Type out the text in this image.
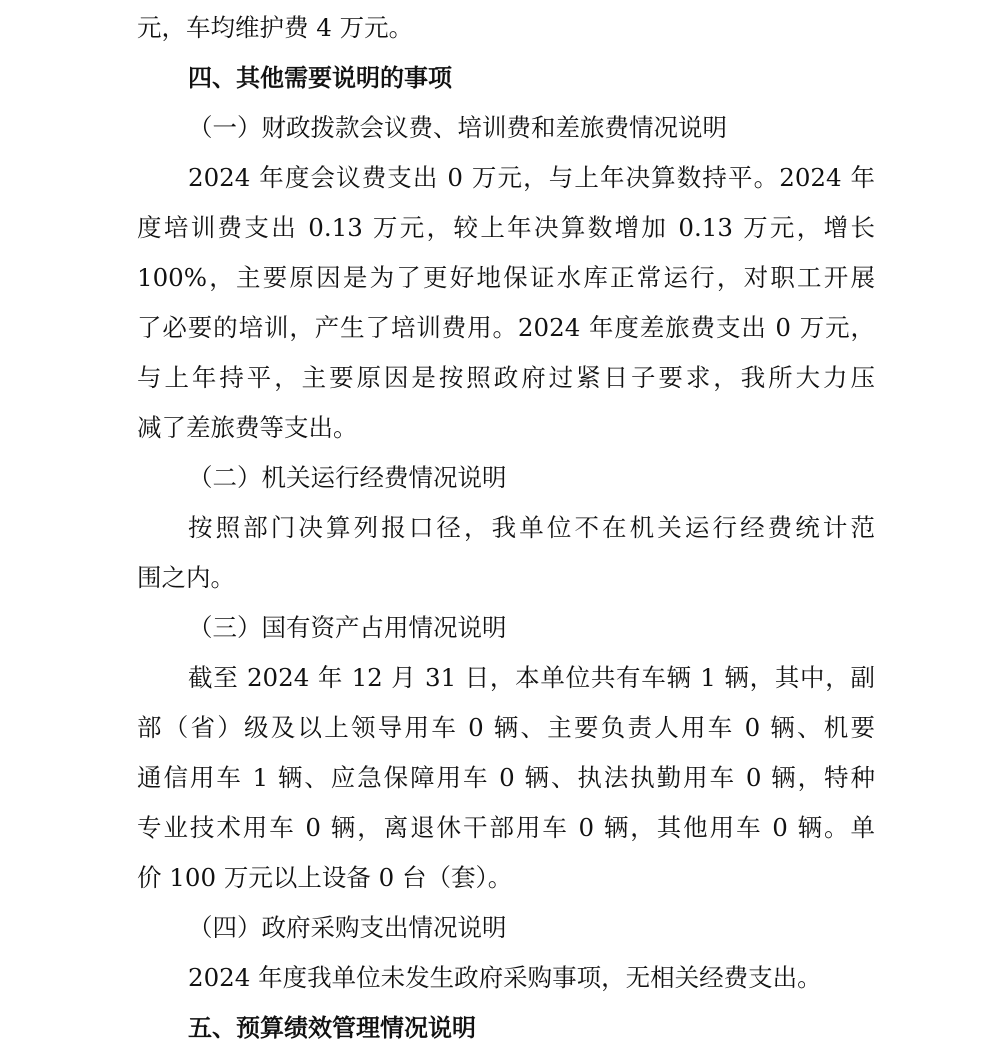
元，车均维护费 4 万元。
四、其他需要说明的事项
（一）财政拨款会议费、培训费和差旅费情况说明
2024 年度会议费支出 0 万元，与上年决算数持平。2024 年
度培训费支出 0.13 万元，较上年决算数增加 0.13 万元，增长
100%，主要原因是为了更好地保证水库正常运行，对职工开展
了必要的培训，产生了培训费用。2024 年度差旅费支出 0 万元，
与上年持平，主要原因是按照政府过紧日子要求，我所大力压
减了差旅费等支出。
（二）机关运行经费情况说明
按照部门决算列报口径，我单位不在机关运行经费统计范
围之内。
（三）国有资产占用情况说明
截至 2024 年 12 月 31 日，本单位共有车辆 1 辆，其中，副
部（省）级及以上领导用车 0 辆、主要负责人用车 0 辆、机要
通信用车 1 辆、应急保障用车 0 辆、执法执勤用车 0 辆，特种
专业技术用车 0 辆，离退休干部用车 0 辆，其他用车 0 辆。单
价 100 万元以上设备 0 台（套）。
（四）政府采购支出情况说明
2024 年度我单位未发生政府采购事项，无相关经费支出。
五、预算绩效管理情况说明
